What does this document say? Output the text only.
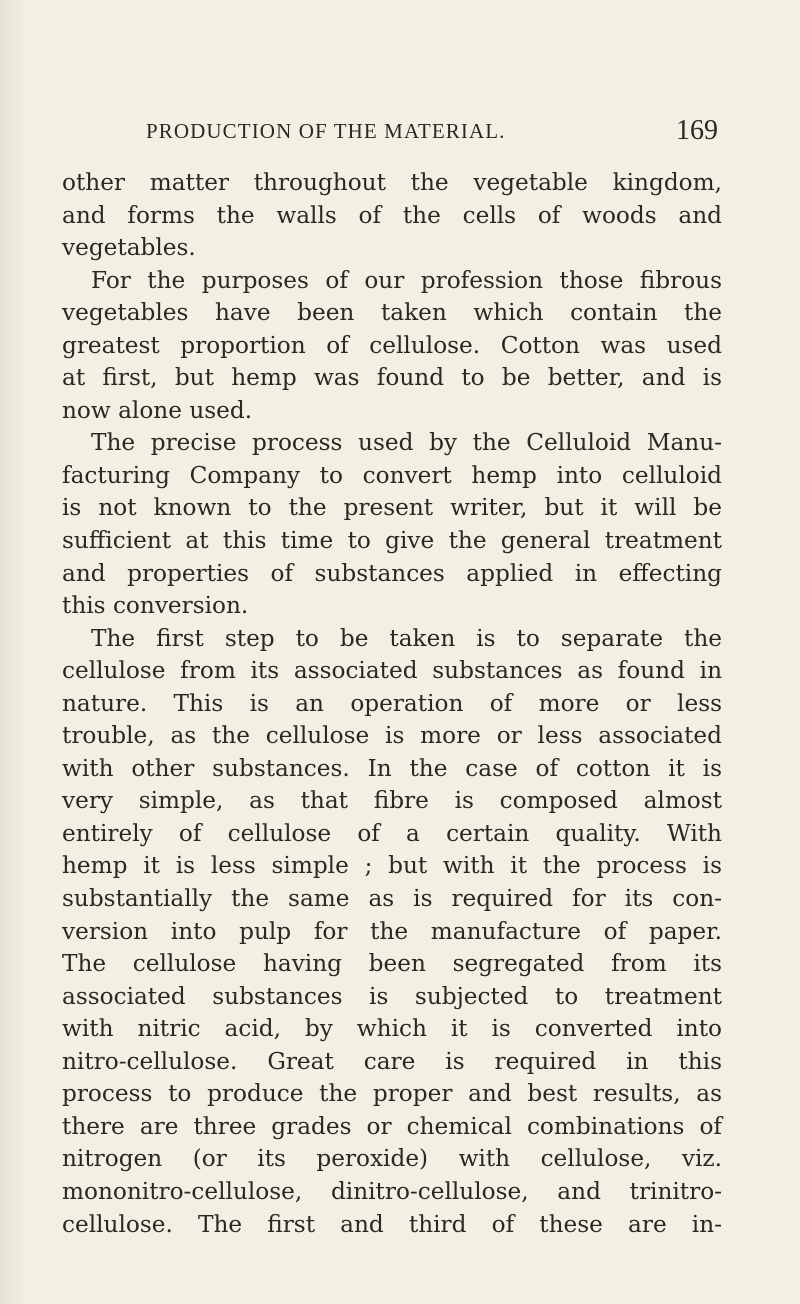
PRODUCTION OF THE MATERIAL.	169
other matter throughout the vegetable kingdom,
and forms the walls of the cells of woods and
vegetables.
For the purposes of our profession those fibrous
vegetables have been taken which contain the
greatest proportion of cellulose. Cotton was used
at first, but hemp was found to be better, and is
now alone used.
The precise process used by the Celluloid Manu-
facturing Company to convert hemp into celluloid
is not known to the present writer, but it will be
sufficient at this time to give the general treatment
and properties of substances applied in effecting
this conversion.
The first step to be taken is to separate the
cellulose from its associated substances as found in
nature. This is an operation of more or less
trouble, as the cellulose is more or less associated
with other substances. In the case of cotton it is
very simple, as that fibre is composed almost
entirely of cellulose of a certain quality. With
hemp it is less simple ; but with it the process is
substantially the same as is required for its con-
version into pulp for the manufacture of paper.
The cellulose having been segregated from its
associated substances is subjected to treatment
with nitric acid, by which it is converted into
nitro-cellulose. Great care is required in this
process to produce the proper and best results, as
there are three grades or chemical combinations of
nitrogen (or its peroxide) with cellulose, viz.
mononitro-cellulose, dinitro-cellulose, and trinitro-
cellulose. The first and third of these are in-
